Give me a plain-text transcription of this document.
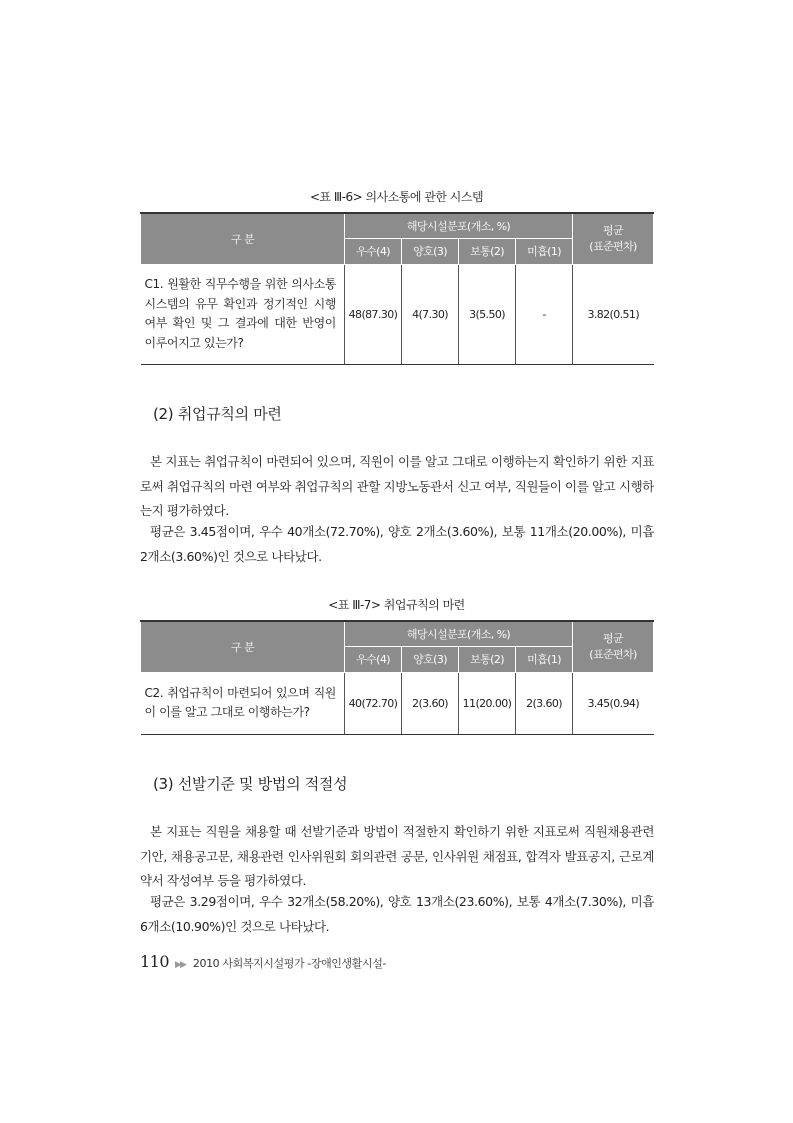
<표 Ⅲ-6> 의사소통에 관한 시스템
구 분	해당시설분포(개소, %)				평균
(표준편차)
	우수(4)	양호(3)	보통(2)	미흡(1)	
C1. 원활한 직무수행을 위한 의사소통 시스템의 유무 확인과 정기적인 시행여부 확인 및 그 결과에 대한 반영이 이루어지고 있는가?	48(87.30)	4(7.30)	3(5.50)	-	3.82(0.51)
(2) 취업규칙의 마련

본 지표는 취업규칙이 마련되어 있으며, 직원이 이를 알고 그대로 이행하는지 확인하기 위한 지표로써 취업규칙의 마련 여부와 취업규칙의 관할 지방노동관서 신고 여부, 직원들이 이를 알고 시행하는지 평가하였다.

평균은 3.45점이며, 우수 40개소(72.70%), 양호 2개소(3.60%), 보통 11개소(20.00%), 미흡 2개소(3.60%)인 것으로 나타났다.

<표 Ⅲ-7> 취업규칙의 마련
구 분	해당시설분포(개소, %)				평균
(표준편차)
	우수(4)	양호(3)	보통(2)	미흡(1)	
C2. 취업규칙이 마련되어 있으며 직원이 이를 알고 그대로 이행하는가?	40(72.70)	2(3.60)	11(20.00)	2(3.60)	3.45(0.94)
(3) 선발기준 및 방법의 적절성

본 지표는 직원을 채용할 때 선발기준과 방법이 적절한지 확인하기 위한 지표로써 직원채용관련기안, 채용공고문, 채용관련 인사위원회 회의관련 공문, 인사위원 채점표, 합격자 발표공지, 근로계약서 작성여부 등을 평가하였다.

평균은 3.29점이며, 우수 32개소(58.20%), 양호 13개소(23.60%), 보통 4개소(7.30%), 미흡 6개소(10.90%)인 것으로 나타났다.

110 ▶▶ 2010 사회복지시설평가 -장애인생활시설-
